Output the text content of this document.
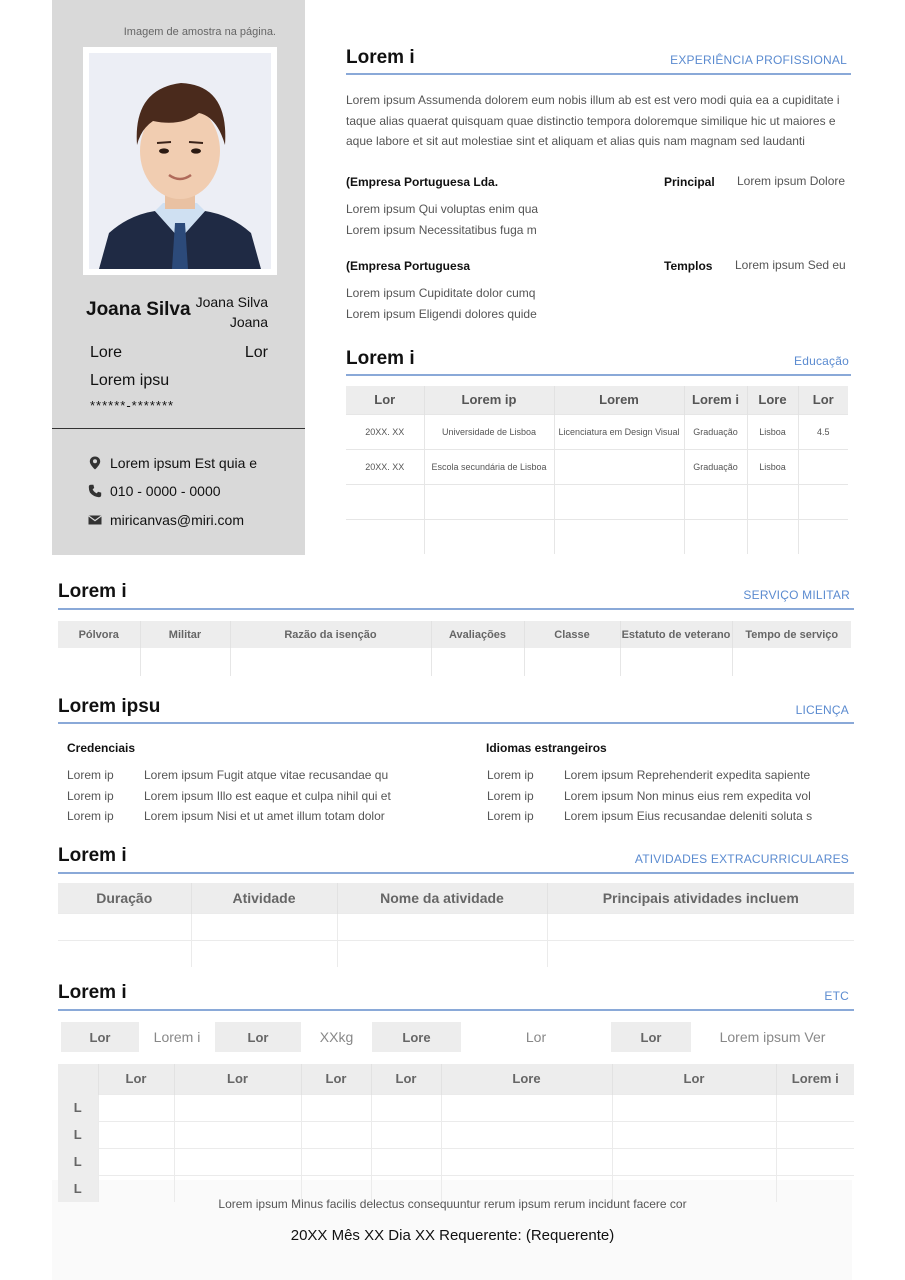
Imagem de amostra na página.
Joana Silva Joana Silva
Joana
Lore	Lor
Lorem ipsu
******-*******
Lorem ipsum Est quia e
010 - 0000 - 0000
miricanvas@miri.com
Lorem i	EXPERIÊNCIA PROFISSIONAL
Lorem ipsum Assumenda dolorem eum nobis illum ab est est vero modi quia ea a cupiditate i
taque alias quaerat quisquam quae distinctio tempora doloremque similique hic ut maiores e
aque labore et sit aut molestiae sint et aliquam et alias quis nam magnam sed laudanti
(Empresa Portuguesa Lda.	Principal Lorem ipsum Dolore
Lorem ipsum Qui voluptas enim qua
Lorem ipsum Necessitatibus fuga m
(Empresa Portuguesa	Templos Lorem ipsum Sed eu
Lorem ipsum Cupiditate dolor cumq
Lorem ipsum Eligendi dolores quide
Lorem i	Educação
Lor	Lorem ip	Lorem	Lorem i	Lore	Lor
20XX. XX	Universidade de Lisboa	Licenciatura em Design Visual	Graduação	Lisboa	4.5
20XX. XX	Escola secundária de Lisboa		Graduação	Lisboa	

Lorem i	SERVIÇO MILITAR
Pólvora	Militar	Razão da isenção	Avaliações	Classe	Estatuto de veterano	Tempo de serviço

Lorem ipsu	LICENÇA
Credenciais	Idiomas estrangeiros
Lorem ip	Lorem ipsum Fugit atque vitae recusandae qu
Lorem ip	Lorem ipsum Illo est eaque et culpa nihil qui et
Lorem ip	Lorem ipsum Nisi et ut amet illum totam dolor
Lorem ip	Lorem ipsum Reprehenderit expedita sapiente
Lorem ip	Lorem ipsum Non minus eius rem expedita vol
Lorem ip	Lorem ipsum Eius recusandae deleniti soluta s
Lorem i	ATIVIDADES EXTRACURRICULARES
Duração	Atividade	Nome da atividade	Principais atividades incluem

Lorem i	ETC
Lor	Lorem i	Lor	XXkg	Lore	Lor	Lor	Lorem ipsum Ver
	Lor	Lor	Lor	Lor	Lore	Lor	Lorem i
L							
L							
L							
L							
Lorem ipsum Minus facilis delectus consequuntur rerum ipsum rerum incidunt facere cor
20XX Mês XX Dia XX Requerente: (Requerente)
